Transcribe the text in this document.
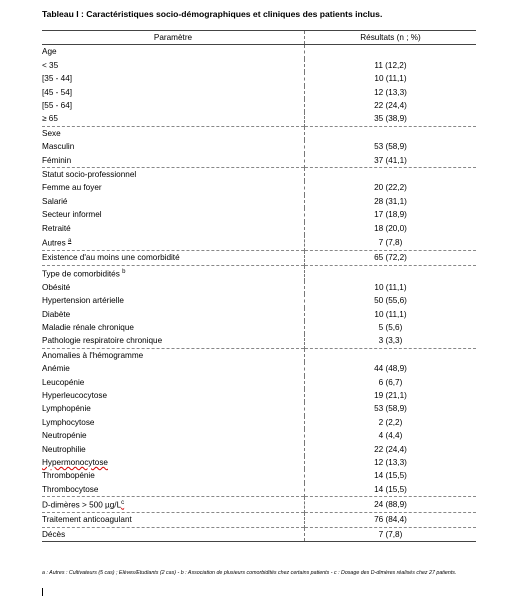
Tableau I : Caractéristiques socio-démographiques et cliniques des patients inclus.
Paramètre	Résultats (n ; %)
Age	
< 35	11 (12,2)
[35 - 44]	10 (11,1)
[45 - 54]	12 (13,3)
[55 - 64]	22 (24,4)
≥ 65	35 (38,9)
Sexe	
Masculin	53 (58,9)
Féminin	37 (41,1)
Statut socio-professionnel	
Femme au foyer	20 (22,2)
Salarié	28 (31,1)
Secteur informel	17 (18,9)
Retraité	18 (20,0)
Autres $^a$	7 (7,8)
Existence d'au moins une comorbidité	65 (72,2)
Type de comorbidités $^b$	
Obésité	10 (11,1)
Hypertension artérielle	50 (55,6)
Diabète	10 (11,1)
Maladie rénale chronique	5 (5,6)
Pathologie respiratoire chronique	3 (3,3)
Anomalies à l'hémogramme	
Anémie	44 (48,9)
Leucopénie	6 (6,7)
Hyperleucocytose	19 (21,1)
Lymphopénie	53 (58,9)
Lymphocytose	2 (2,2)
Neutropénie	4 (4,4)
Neutrophilie	22 (24,4)
Hypermonocytose	12 (13,3)
Thrombopénie	14 (15,5)
Thrombocytose	14 (15,5)
D-dimères > 500 $\mu g/L^c$	24 (88,9)
Traitement anticoagulant	76 (84,4)
Décès	7 (7,8)
a : Autres : Cultivateurs (5 cas) ; Elèves/Etudiants (2 cas) - b : Association de plusieurs comorbidités chez certains patients - c : Dosage des D-dimères réalisés chez 27 patients.
